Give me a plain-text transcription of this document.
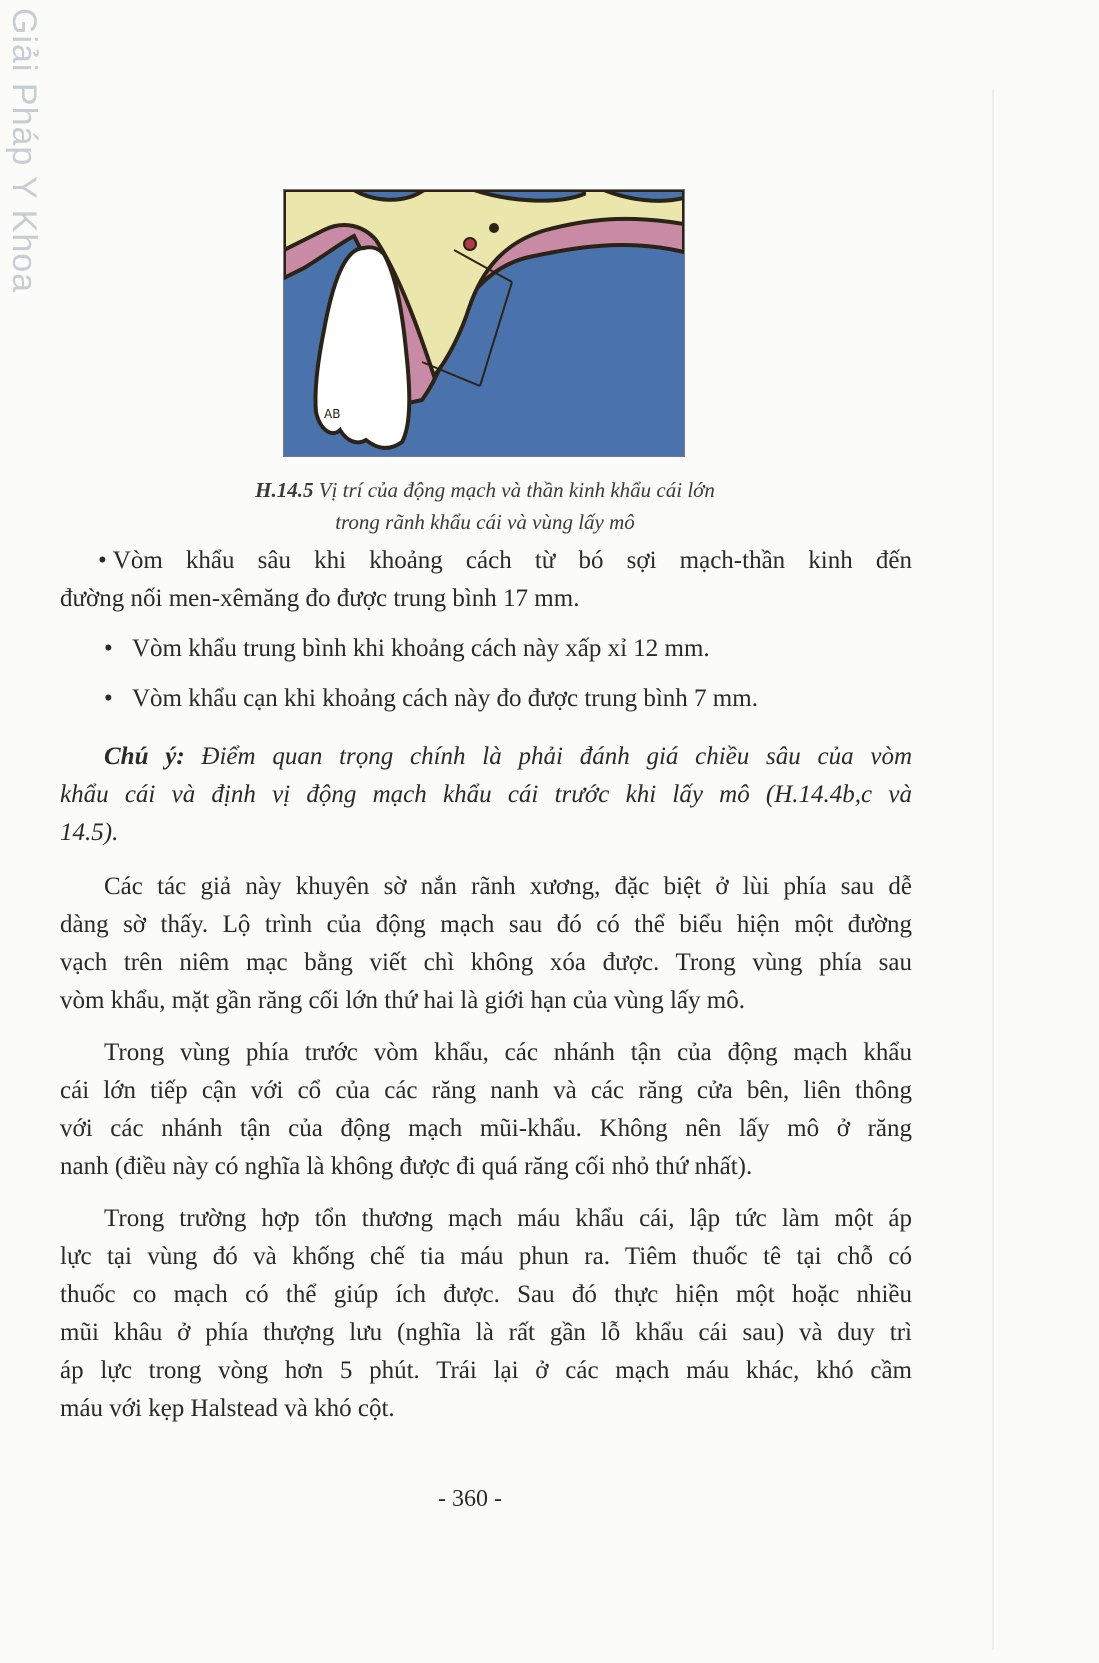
Giải Pháp Y Khoa
AB
H.14.5 Vị trí của động mạch và thần kinh khẩu cái lớn
trong rãnh khẩu cái và vùng lấy mô
• Vòm khẩu sâu khi khoảng cách từ bó sợi mạch-thần kinh đến
đường nối men-xêmăng đo được trung bình 17 mm.
• Vòm khẩu trung bình khi khoảng cách này xấp xỉ 12 mm.
• Vòm khẩu cạn khi khoảng cách này đo được trung bình 7 mm.
Chú ý: Điểm quan trọng chính là phải đánh giá chiều sâu của vòm
khẩu cái và định vị động mạch khẩu cái trước khi lấy mô (H.14.4b,c và
14.5).
Các tác giả này khuyên sờ nắn rãnh xương, đặc biệt ở lùi phía sau dễ
dàng sờ thấy. Lộ trình của động mạch sau đó có thể biểu hiện một đường
vạch trên niêm mạc bằng viết chì không xóa được. Trong vùng phía sau
vòm khẩu, mặt gần răng cối lớn thứ hai là giới hạn của vùng lấy mô.
Trong vùng phía trước vòm khẩu, các nhánh tận của động mạch khẩu
cái lớn tiếp cận với cổ của các răng nanh và các răng cửa bên, liên thông
với các nhánh tận của động mạch mũi-khẩu. Không nên lấy mô ở răng
nanh (điều này có nghĩa là không được đi quá răng cối nhỏ thứ nhất).
Trong trường hợp tổn thương mạch máu khẩu cái, lập tức làm một áp
lực tại vùng đó và khống chế tia máu phun ra. Tiêm thuốc tê tại chỗ có
thuốc co mạch có thể giúp ích được. Sau đó thực hiện một hoặc nhiều
mũi khâu ở phía thượng lưu (nghĩa là rất gần lỗ khẩu cái sau) và duy trì
áp lực trong vòng hơn 5 phút. Trái lại ở các mạch máu khác, khó cầm
máu với kẹp Halstead và khó cột.
- 360 -
